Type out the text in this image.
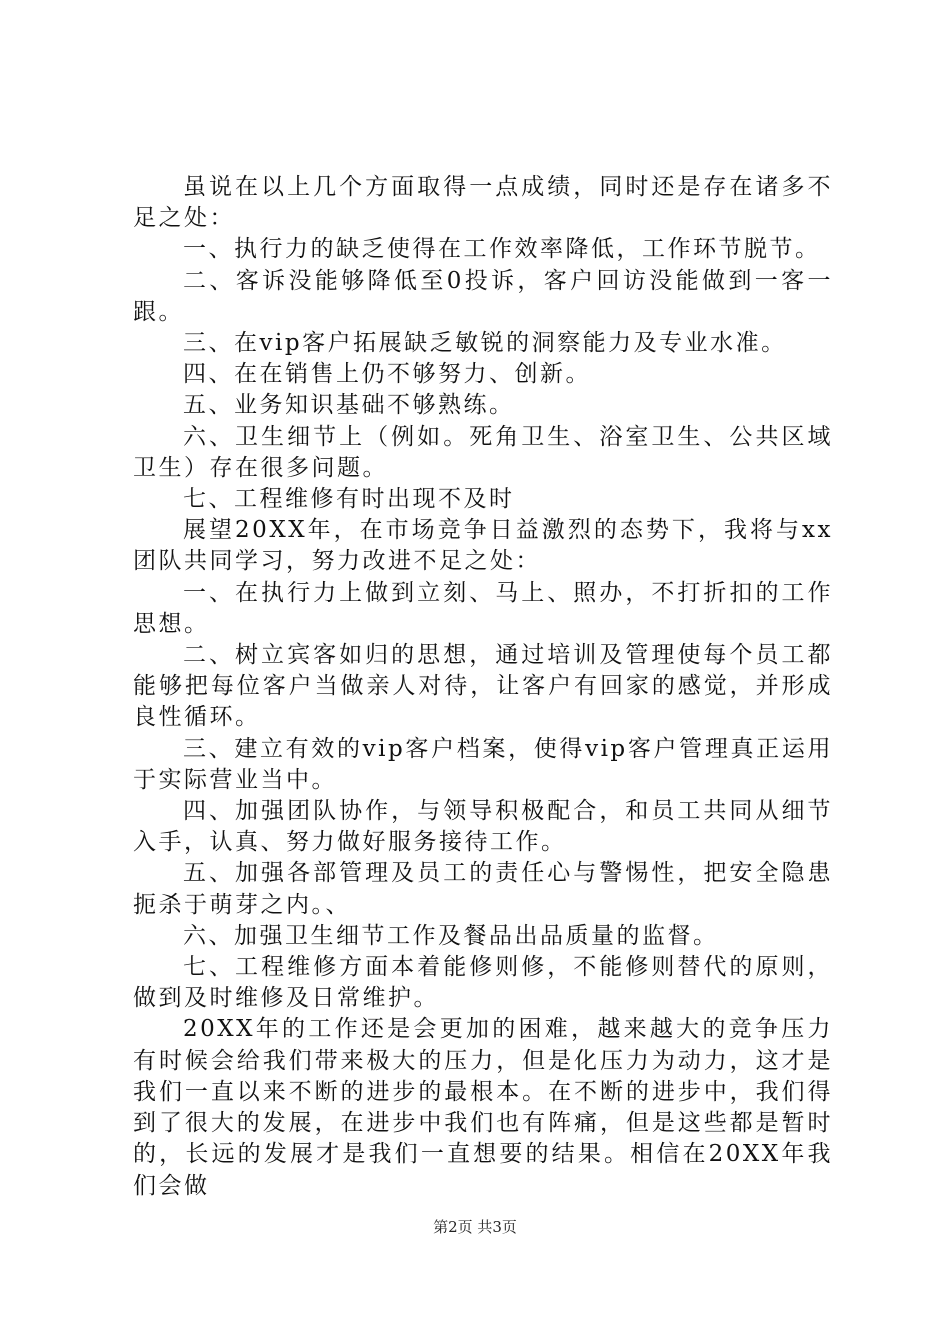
虽说在以上几个方面取得一点成绩，同时还是存在诸多不足之处：

一、执行力的缺乏使得在工作效率降低，工作环节脱节。

二、客诉没能够降低至0投诉，客户回访没能做到一客一跟。

三、在vip客户拓展缺乏敏锐的洞察能力及专业水准。

四、在在销售上仍不够努力、创新。

五、业务知识基础不够熟练。

六、卫生细节上（例如。死角卫生、浴室卫生、公共区域卫生）存在很多问题。

七、工程维修有时出现不及时

展望20XX年，在市场竞争日益激烈的态势下，我将与xx团队共同学习，努力改进不足之处：

一、在执行力上做到立刻、马上、照办，不打折扣的工作思想。

二、树立宾客如归的思想，通过培训及管理使每个员工都能够把每位客户当做亲人对待，让客户有回家的感觉，并形成良性循环。

三、建立有效的vip客户档案，使得vip客户管理真正运用于实际营业当中。

四、加强团队协作，与领导积极配合，和员工共同从细节入手，认真、努力做好服务接待工作。

五、加强各部管理及员工的责任心与警惕性，把安全隐患扼杀于萌芽之内。、

六、加强卫生细节工作及餐品出品质量的监督。

七、工程维修方面本着能修则修，不能修则替代的原则，做到及时维修及日常维护。

20XX年的工作还是会更加的困难，越来越大的竞争压力有时候会给我们带来极大的压力，但是化压力为动力，这才是我们一直以来不断的进步的最根本。在不断的进步中，我们得到了很大的发展，在进步中我们也有阵痛，但是这些都是暂时的，长远的发展才是我们一直想要的结果。相信在20XX年我们会做

第2页 共3页
